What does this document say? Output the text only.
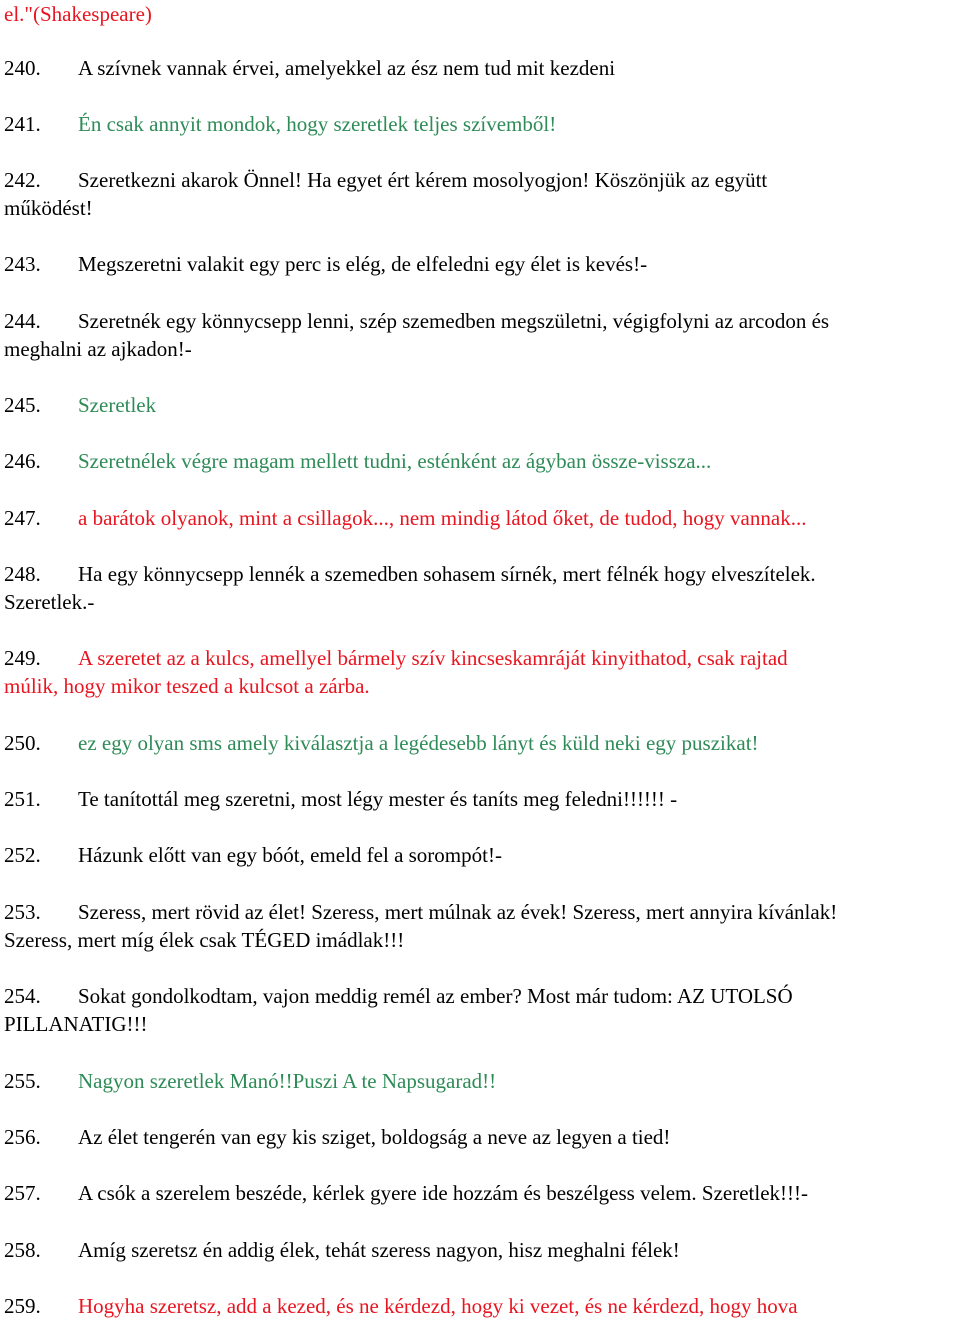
el."(Shakespeare)
240. A szívnek vannak érvei, amelyekkel az ész nem tud mit kezdeni
241. Én csak annyit mondok, hogy szeretlek teljes szívemből!
242. Szeretkezni akarok Önnel! Ha egyet ért kérem mosolyogjon! Köszönjük az együtt
működést!
243. Megszeretni valakit egy perc is elég, de elfeledni egy élet is kevés!-
244. Szeretnék egy könnycsepp lenni, szép szemedben megszületni, végigfolyni az arcodon és
meghalni az ajkadon!-
245. Szeretlek
246. Szeretnélek végre magam mellett tudni, esténként az ágyban össze-vissza...
247. a barátok olyanok, mint a csillagok..., nem mindig látod őket, de tudod, hogy vannak...
248. Ha egy könnycsepp lennék a szemedben sohasem sírnék, mert félnék hogy elveszítelek.
Szeretlek.-
249. A szeretet az a kulcs, amellyel bármely szív kincseskamráját kinyithatod, csak rajtad
múlik, hogy mikor teszed a kulcsot a zárba.
250. ez egy olyan sms amely kiválasztja a legédesebb lányt és küld neki egy puszikat!
251. Te tanítottál meg szeretni, most légy mester és taníts meg feledni!!!!!! -
252. Házunk előtt van egy bóót, emeld fel a sorompót!-
253. Szeress, mert rövid az élet! Szeress, mert múlnak az évek! Szeress, mert annyira kívánlak!
Szeress, mert míg élek csak TÉGED imádlak!!!
254. Sokat gondolkodtam, vajon meddig remél az ember? Most már tudom: AZ UTOLSÓ
PILLANATIG!!!
255. Nagyon szeretlek Manó!!Puszi A te Napsugarad!!
256. Az élet tengerén van egy kis sziget, boldogság a neve az legyen a tied!
257. A csók a szerelem beszéde, kérlek gyere ide hozzám és beszélgess velem. Szeretlek!!!-
258. Amíg szeretsz én addig élek, tehát szeress nagyon, hisz meghalni félek!
259. Hogyha szeretsz, add a kezed, és ne kérdezd, hogy ki vezet, és ne kérdezd, hogy hova
